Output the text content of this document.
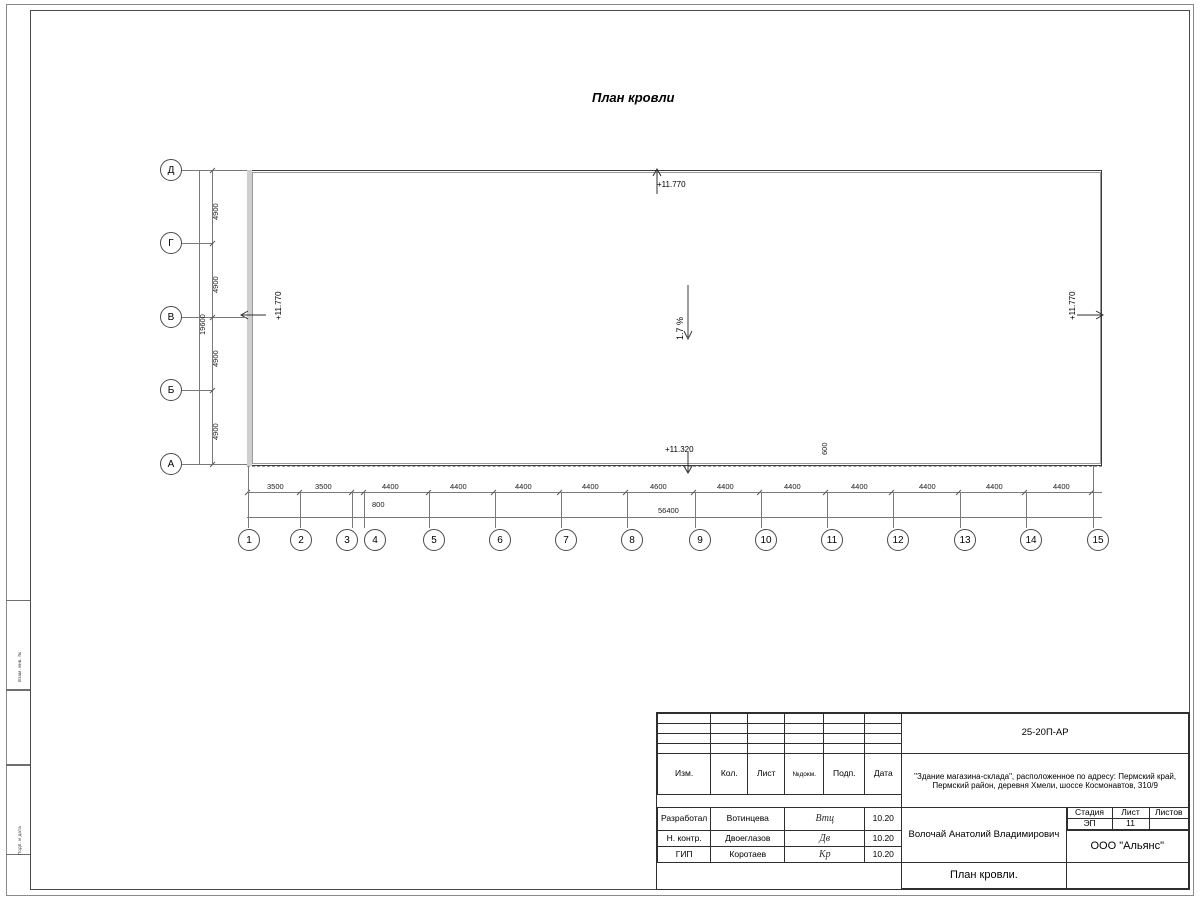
Взам. инв. №
Подп. и дата
План кровли
1.7 %
+11.770
+11.770	+11.770
+11.320
Д
Г
В
Б
А
4900
4900
4900
4900
19600
56400
800
600
3500	3500	4400	4400	4400	4400	4600	4400	4400	4400	4400	4400	4400
1	2	3	4	5	6	7	8	9	10	11	12	13	14	15
						25-20П-АР

Изм.	Кол.	Лист	№докм.	Подп.	Дата	"Здание магазина-склада", расположенное по адресу: Пермский край,
Пермский район, деревня Хмели, шоссе Космонавтов, 310/9

Разработал	Вотинцева	Втц	10.20	Волочай Анатолий Владимирович	
Стадия	Лист	Листов
ЭП	11	

Н. контр.	Двоеглазов	Дв	10.20	ООО "Альянс"
ГИП	Коротаев	Кр	10.20
	План кровли.	
